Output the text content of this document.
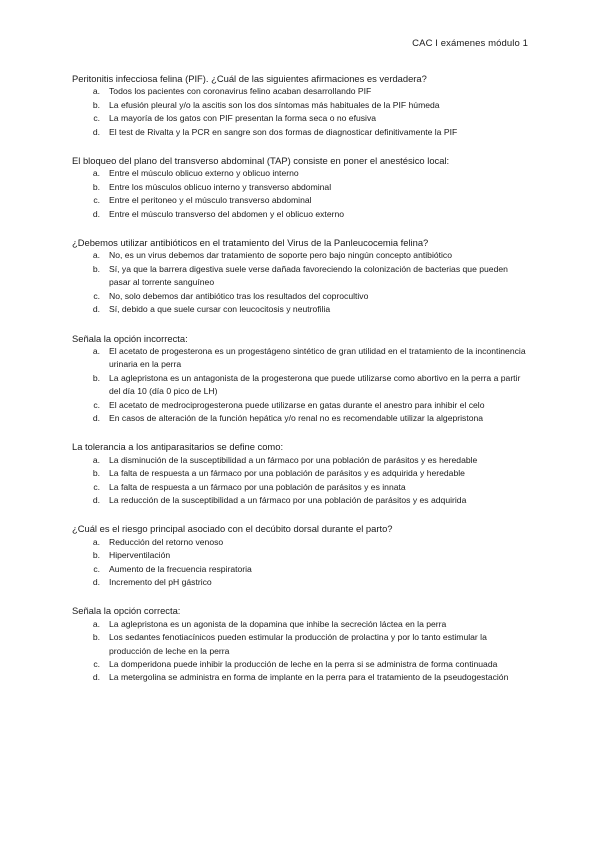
CAC I exámenes módulo 1

Peritonitis infecciosa felina (PIF). ¿Cuál de las siguientes afirmaciones es verdadera?

a.	Todos los pacientes con coronavirus felino acaban desarrollando PIF
b.	La efusión pleural y/o la ascitis son los dos síntomas más habituales de la PIF húmeda
c.	La mayoría de los gatos con PIF presentan la forma seca o no efusiva
d.	El test de Rivalta y la PCR en sangre son dos formas de diagnosticar definitivamente la PIF

El bloqueo del plano del transverso abdominal (TAP) consiste en poner el anestésico local:

a.	Entre el músculo oblicuo externo y oblicuo interno
b.	Entre los músculos oblicuo interno y transverso abdominal
c.	Entre el peritoneo y el músculo transverso abdominal
d.	Entre el músculo transverso del abdomen y el oblicuo externo

¿Debemos utilizar antibióticos en el tratamiento del Virus de la Panleucocemia felina?

a.	No, es un virus debemos dar tratamiento de soporte pero bajo ningún concepto antibiótico
b.	Sí, ya que la barrera digestiva suele verse dañada favoreciendo la colonización de bacterias que pueden pasar al torrente sanguíneo
c.	No, solo debemos dar antibiótico tras los resultados del coprocultivo
d.	Sí, debido a que suele cursar con leucocitosis y neutrofilia

Señala la opción incorrecta:

a.	El acetato de progesterona es un progestágeno sintético de gran utilidad en el tratamiento de la incontinencia urinaria en la perra
b.	La aglepristona es un antagonista de la progesterona que puede utilizarse como abortivo en la perra a partir del día 10 (día 0 pico de LH)
c.	El acetato de medrociprogesterona puede utilizarse en gatas durante el anestro para inhibir el celo
d.	En casos de alteración de la función hepática y/o renal no es recomendable utilizar la algepristona

La tolerancia a los antiparasitarios se define como:

a.	La disminución de la susceptibilidad a un fármaco por una población de parásitos y es heredable
b.	La falta de respuesta a un fármaco por una población de parásitos y es adquirida y heredable
c.	La falta de respuesta a un fármaco por una población de parásitos y es innata
d.	La reducción de la susceptibilidad a un fármaco por una población de parásitos y es adquirida

¿Cuál es el riesgo principal asociado con el decúbito dorsal durante el parto?

a.	Reducción del retorno venoso
b.	Hiperventilación
c.	Aumento de la frecuencia respiratoria
d.	Incremento del pH gástrico

Señala la opción correcta:

a.	La aglepristona es un agonista de la dopamina que inhibe la secreción láctea en la perra
b.	Los sedantes fenotiacínicos pueden estimular la producción de prolactina y por lo tanto estimular la producción de leche en la perra
c.	La domperidona puede inhibir la producción de leche en la perra si se administra de forma continuada
d.	La metergolina se administra en forma de implante en la perra para el tratamiento de la pseudogestación
